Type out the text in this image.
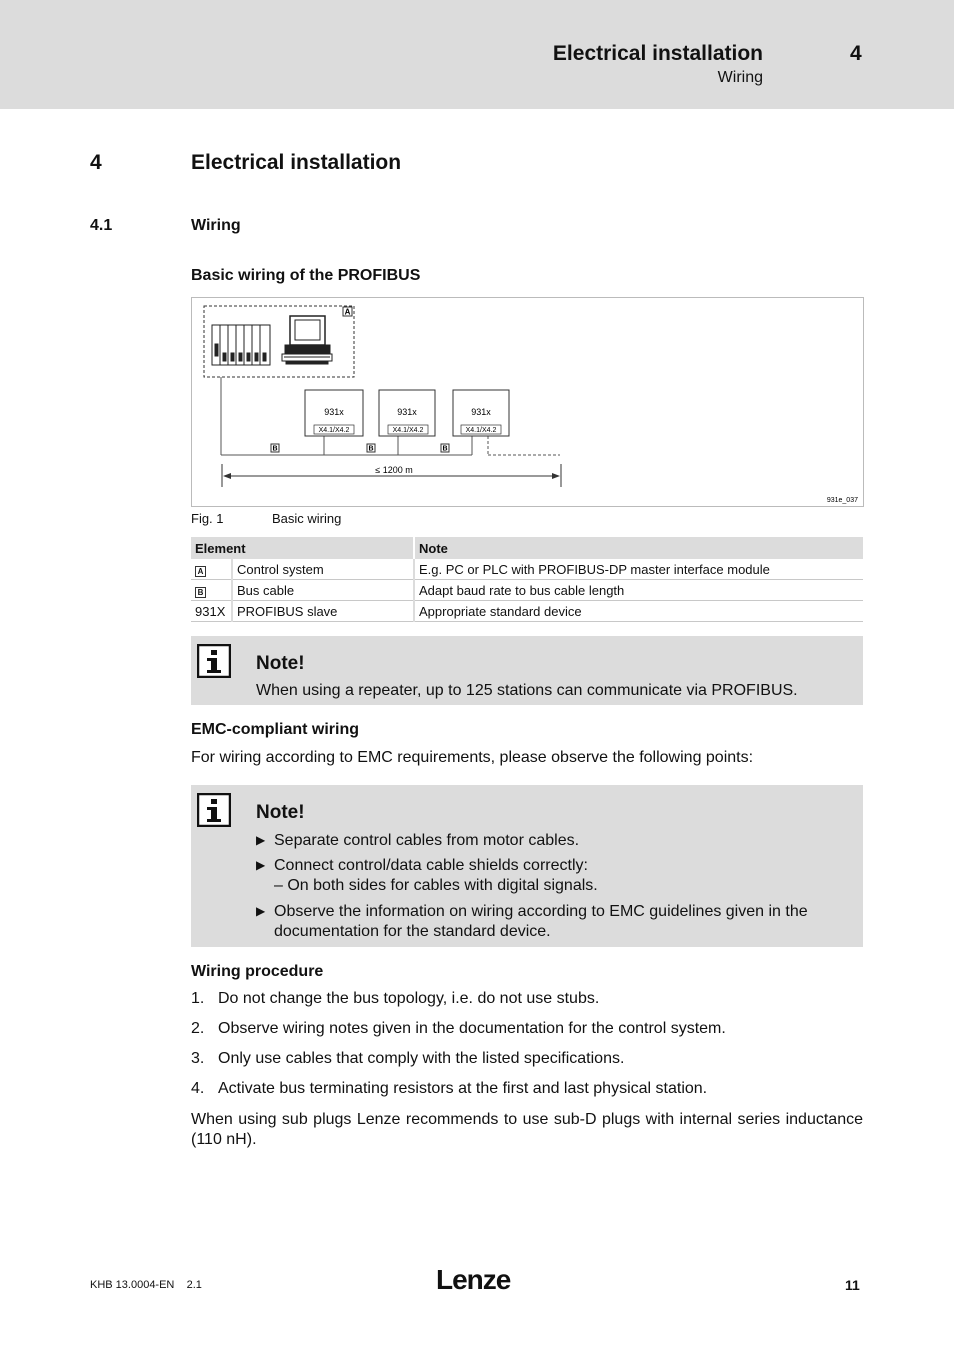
Electrical installation
Wiring
4
4	Electrical installation
4.1	Wiring
Basic wiring of the PROFIBUS
A
931x
X4.1/X4.2
931x
X4.1/X4.2
931x
X4.1/X4.2
B	B	B
≤ 1200 m
931e_037
Fig. 1	Basic wiring
Element		Note
A	Control system	E.g. PC or PLC with PROFIBUS-DP master interface module
B	Bus cable	Adapt baud rate to bus cable length
931X	PROFIBUS slave	Appropriate standard device
Note!
When using a repeater, up to 125 stations can communicate via PROFIBUS.
EMC-compliant wiring
For wiring according to EMC requirements, please observe the following points:
Note!
▶ Separate control cables from motor cables.
▶ Connect control/data cable shields correctly:
– On both sides for cables with digital signals.
▶ Observe the information on wiring according to EMC guidelines given in the documentation for the standard device.
Wiring procedure
1. Do not change the bus topology, i.e. do not use stubs.
2. Observe wiring notes given in the documentation for the control system.
3. Only use cables that comply with the listed specifications.
4. Activate bus terminating resistors at the first and last physical station.
When using sub plugs Lenze recommends to use sub-D plugs with internal series inductance (110 nH).
KHB 13.0004-EN 2.1	Lenze	11
